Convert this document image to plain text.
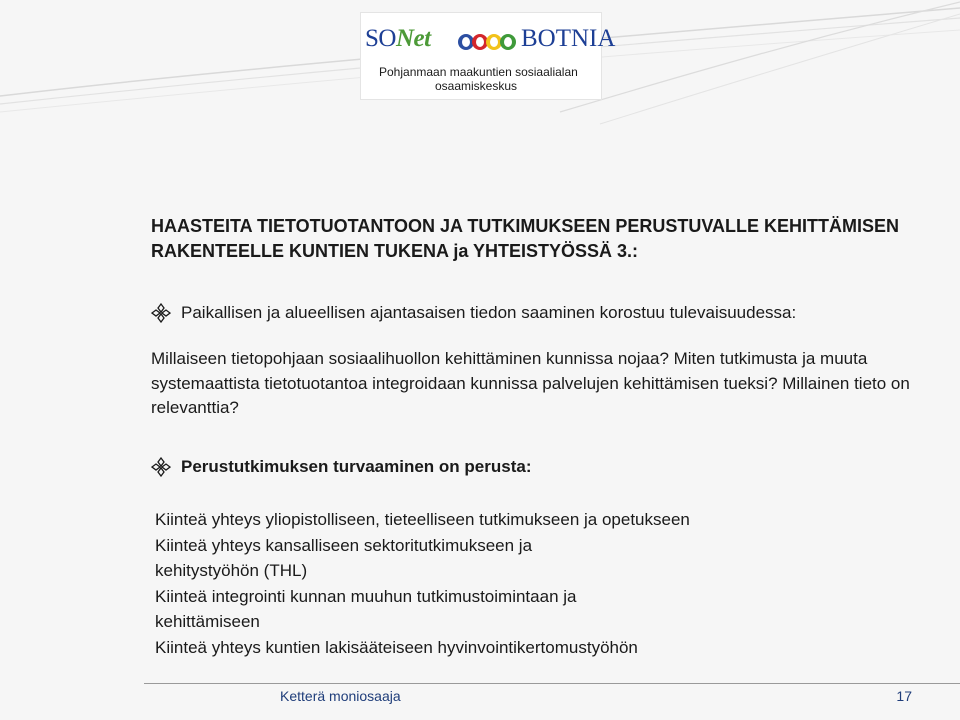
SONet	BOTNIA
Pohjanmaan maakuntien sosiaalialan
osaamiskeskus
HAASTEITA TIETOTUOTANTOON JA TUTKIMUKSEEN PERUSTUVALLE KEHITTÄMISEN RAKENTEELLE KUNTIEN TUKENA ja YHTEISTYÖSSÄ 3.:
Paikallisen ja alueellisen ajantasaisen tiedon saaminen korostuu tulevaisuudessa:

Millaiseen tietopohjaan sosiaalihuollon kehittäminen kunnissa nojaa? Miten tutkimusta ja muuta systemaattista tietotuotantoa integroidaan kunnissa palvelujen kehittämisen tueksi? Millainen tieto on relevanttia?

Perustutkimuksen turvaaminen on perusta:
Kiinteä yhteys yliopistolliseen, tieteelliseen tutkimukseen ja opetukseen
Kiinteä yhteys kansalliseen sektoritutkimukseen ja
kehitystyöhön (THL)
Kiinteä integrointi kunnan muuhun tutkimustoimintaan ja
kehittämiseen
Kiinteä yhteys kuntien lakisääteiseen hyvinvointikertomustyöhön
Ketterä moniosaaja	17
